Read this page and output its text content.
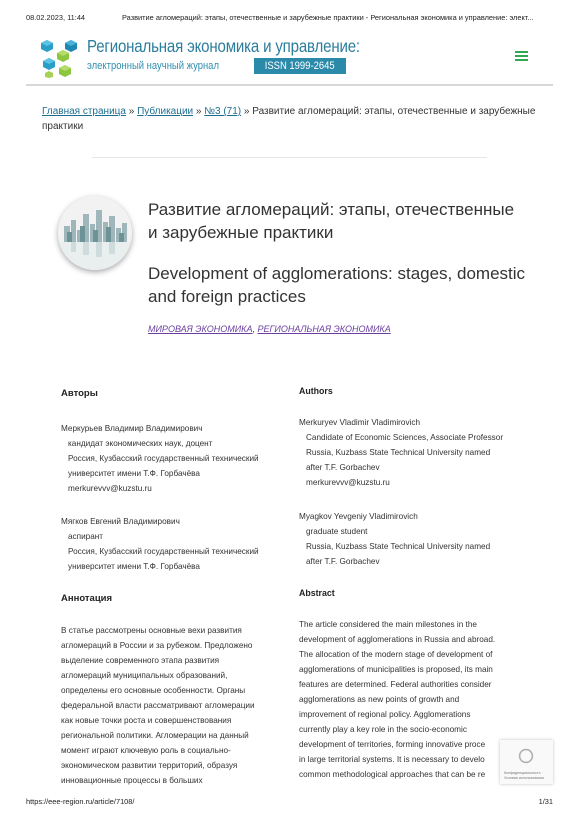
08.02.2023, 11:44	Развитие агломераций: этапы, отечественные и зарубежные практики - Региональная экономика и управление: элект...
Региональная экономика и управление:
электронный научный журнал	ISSN 1999-2645
Главная страница » Публикации » №3 (71) » Развитие агломераций: этапы, отечественные и зарубежные практики
Развитие агломераций: этапы, отечественные и зарубежные практики
Development of agglomerations: stages, domestic and foreign practices
МИРОВАЯ ЭКОНОМИКА, РЕГИОНАЛЬНАЯ ЭКОНОМИКА
Авторы

Меркурьев Владимир Владимирович

кандидат экономических наук, доцент

Россия, Кузбасский государственный технический

университет имени Т.Ф. Горбачёва

merkurevvv@kuzstu.ru

Мягков Евгений Владимирович

аспирант

Россия, Кузбасский государственный технический

университет имени Т.Ф. Горбачёва

Аннотация
В статье рассмотрены основные вехи развития
агломераций в России и за рубежом. Предложено
выделение современного этапа развития
агломераций муниципальных образований,
определены его основные особенности. Органы
федеральной власти рассматривают агломерации
как новые точки роста и совершенствования
региональной политики. Агломерации на данный
момент играют ключевую роль в социально-
экономическом развитии территорий, образуя
инновационные процессы в больших
Authors

Merkuryev Vladimir Vladimirovich

Candidate of Economic Sciences, Associate Professor

Russia, Kuzbass State Technical University named

after T.F. Gorbachev

merkurevvv@kuzstu.ru

Myagkov Yevgeniy Vladimirovich

graduate student

Russia, Kuzbass State Technical University named

after T.F. Gorbachev

Abstract
The article considered the main milestones in the
development of agglomerations in Russia and abroad.
The allocation of the modern stage of development of
agglomerations of municipalities is proposed, its main
features are determined. Federal authorities consider
agglomerations as new points of growth and
improvement of regional policy. Agglomerations
currently play a key role in the socio-economic
development of territories, forming innovative proce
in large territorial systems. It is necessary to develo
common methodological approaches that can be re	Конфиденциальность · Условия использования
https://eee-region.ru/article/7108/	1/31
